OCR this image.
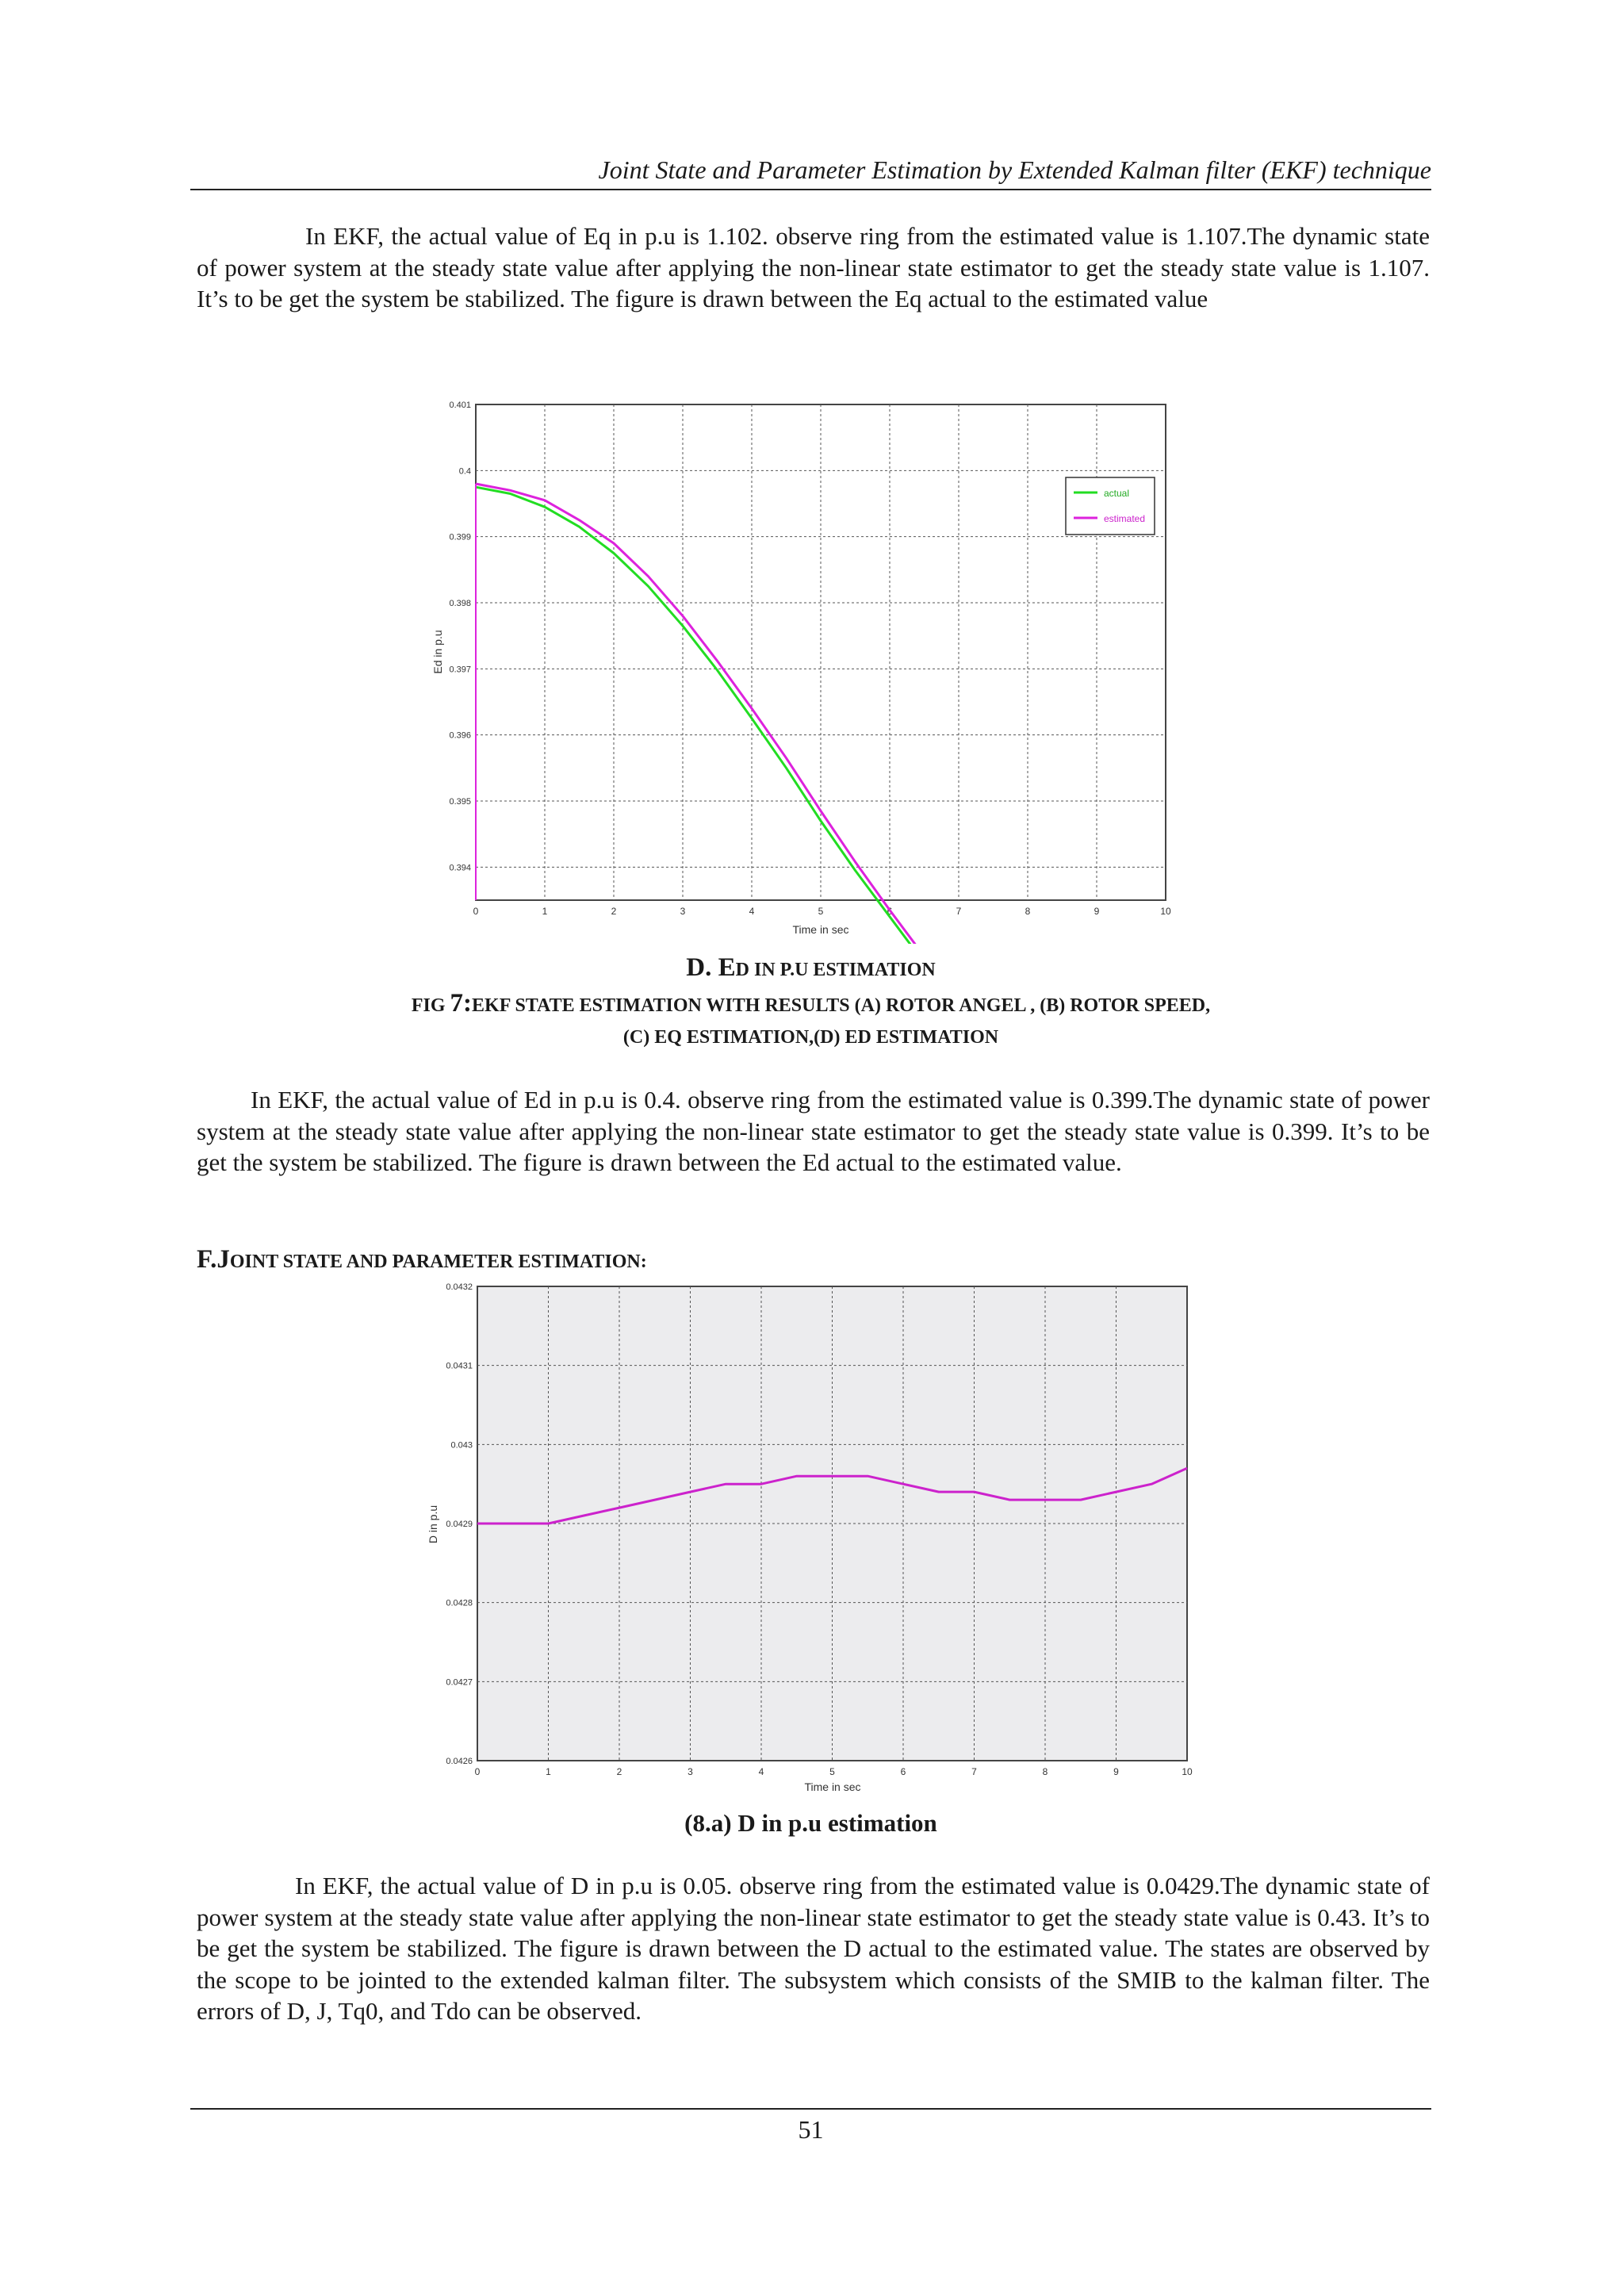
Joint State and Parameter Estimation by Extended Kalman filter (EKF) technique

In EKF, the actual value of Eq in p.u is 1.102. observe ring from the estimated value is 1.107.The dynamic state of power system at the steady state value after applying the non-linear state estimator to get the steady state value is 1.107. It’s to be get the system be stabilized. The figure is drawn between the Eq actual to the estimated value

0.394
0.395
0.396
0.397
0.398
0.399
0.4
0.401
0	1	2	3	4	5	6	7	8	9	10
Time in sec
Ed in p.u
actual
estimated

D. ED IN P.U ESTIMATION

FIG 7:EKF STATE ESTIMATION WITH RESULTS (A) ROTOR ANGEL , (B) ROTOR SPEED,
(C) EQ ESTIMATION,(D) ED ESTIMATION

In EKF, the actual value of Ed in p.u is 0.4. observe ring from the estimated value is 0.399.The dynamic state of power system at the steady state value after applying the non-linear state estimator to get the steady state value is 0.399. It’s to be get the system be stabilized. The figure is drawn between the Ed actual to the estimated value.

F.JOINT STATE AND PARAMETER ESTIMATION:
0.0426
0.0427
0.0428
0.0429
0.043
0.0431
0.0432
0	1	2	3	4	5	6	7	8	9	10
Time in sec
D in p.u

(8.a) D in p.u estimation

In EKF, the actual value of D in p.u is 0.05. observe ring from the estimated value is 0.0429.The dynamic state of power system at the steady state value after applying the non-linear state estimator to get the steady state value is 0.43. It’s to be get the system be stabilized. The figure is drawn between the D actual to the estimated value. The states are observed by the scope to be jointed to the extended kalman filter. The subsystem which consists of the SMIB to the kalman filter. The errors of D, J, Tq0, and Tdo can be observed.

51
